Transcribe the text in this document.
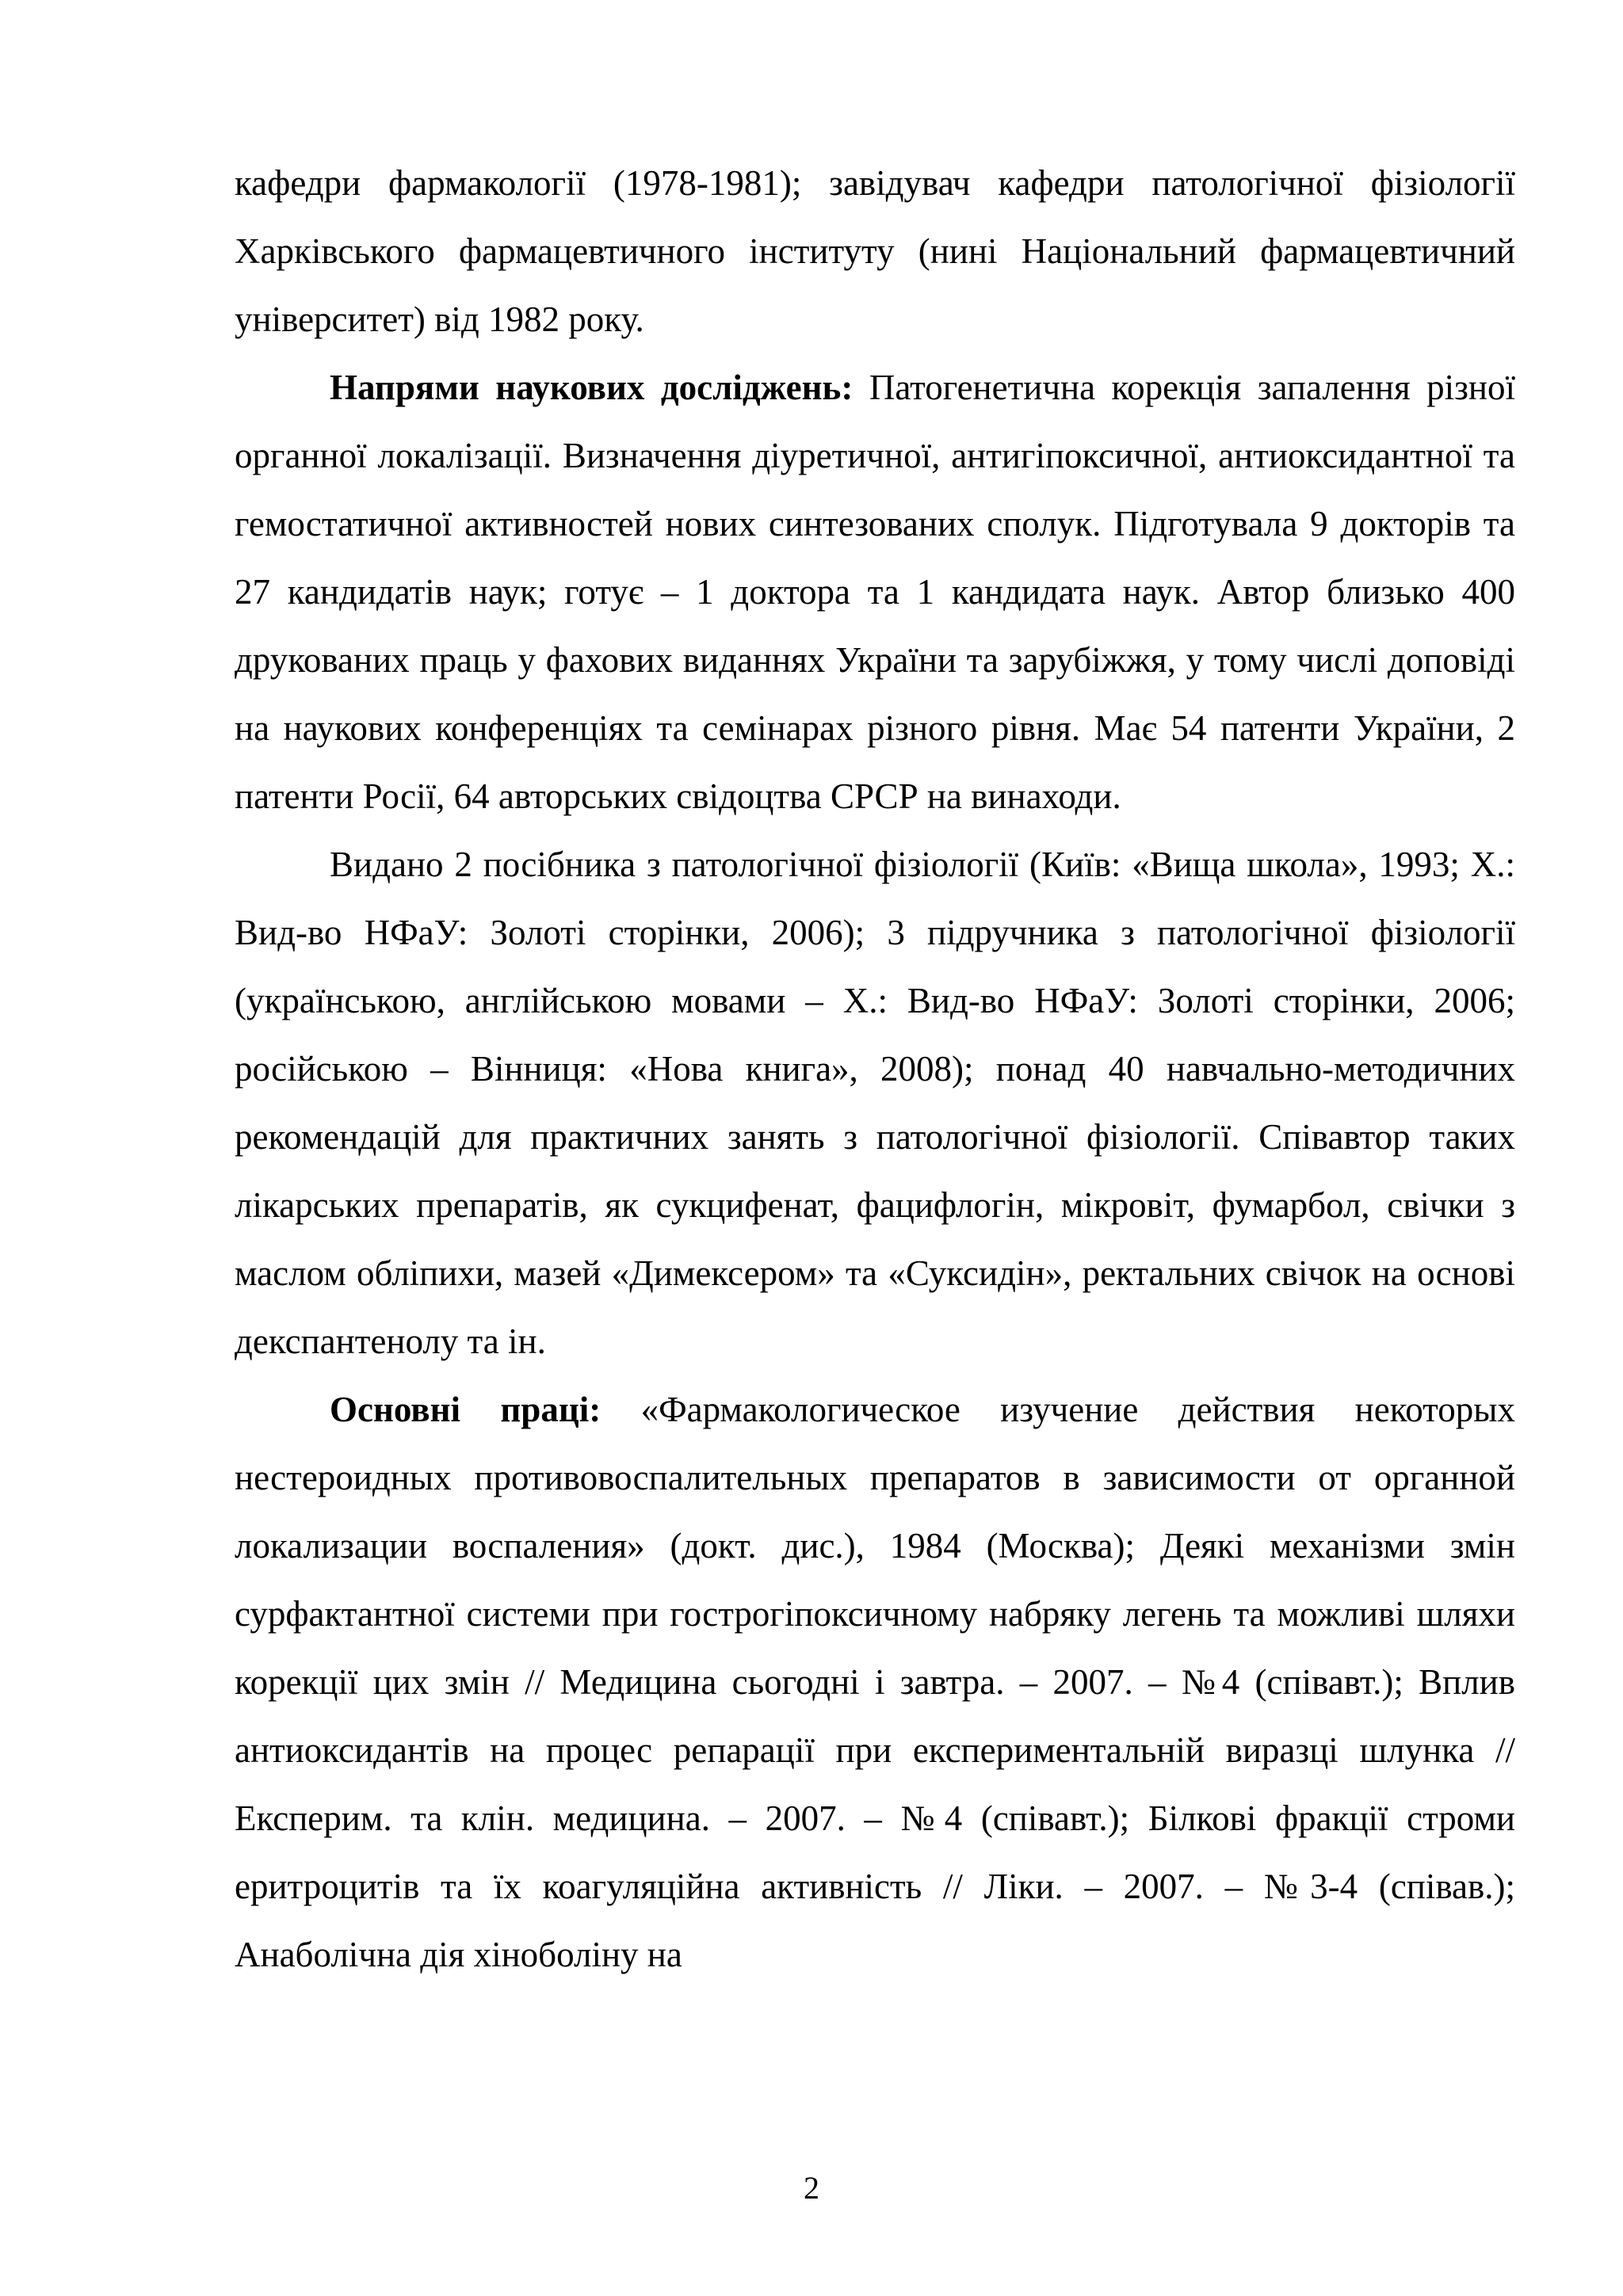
кафедри фармакології (1978-1981); завідувач кафедри патологічної фізіології Харківського фармацевтичного інституту (нині Національний фармацевтичний університет) від 1982 року.

Напрями наукових досліджень: Патогенетична корекція запалення різної органної локалізації. Визначення діуретичної, антигіпоксичної, антиоксидантної та гемостатичної активностей нових синтезованих сполук. Підготувала 9 докторів та 27 кандидатів наук; готує – 1 доктора та 1 кандидата наук. Автор близько 400 друкованих праць у фахових виданнях України та зарубіжжя, у тому числі доповіді на наукових конференціях та семінарах різного рівня. Має 54 патенти України, 2 патенти Росії, 64 авторських свідоцтва СРСР на винаходи.

Видано 2 посібника з патологічної фізіології (Київ: «Вища школа», 1993; Х.: Вид-во НФаУ: Золоті сторінки, 2006); 3 підручника з патологічної фізіології (українською, англійською мовами – Х.: Вид-во НФаУ: Золоті сторінки, 2006; російською – Вінниця: «Нова книга», 2008); понад 40 навчально-методичних рекомендацій для практичних занять з патологічної фізіології. Співавтор таких лікарських препаратів, як сукцифенат, фацифлогін, мікровіт, фумарбол, свічки з маслом обліпихи, мазей «Димексером» та «Суксидін», ректальних свічок на основі декспантенолу та ін.

Основні праці: «Фармакологическое изучение действия некоторых нестероидных противовоспалительных препаратов в зависимости от органной локализации воспаления» (докт. дис.), 1984 (Москва); Деякі механізми змін сурфактантної системи при гострогіпоксичному набряку легень та можливі шляхи корекції цих змін // Медицина сьогодні і завтра. – 2007. – №4 (співавт.); Вплив антиоксидантів на процес репарації при експериментальній виразці шлунка // Експерим. та клін. медицина. – 2007. – №4 (співавт.); Білкові фракції строми еритроцитів та їх коагуляційна активність // Ліки. – 2007. – №3-4 (співав.); Анаболічна дія хіноболіну на

2
